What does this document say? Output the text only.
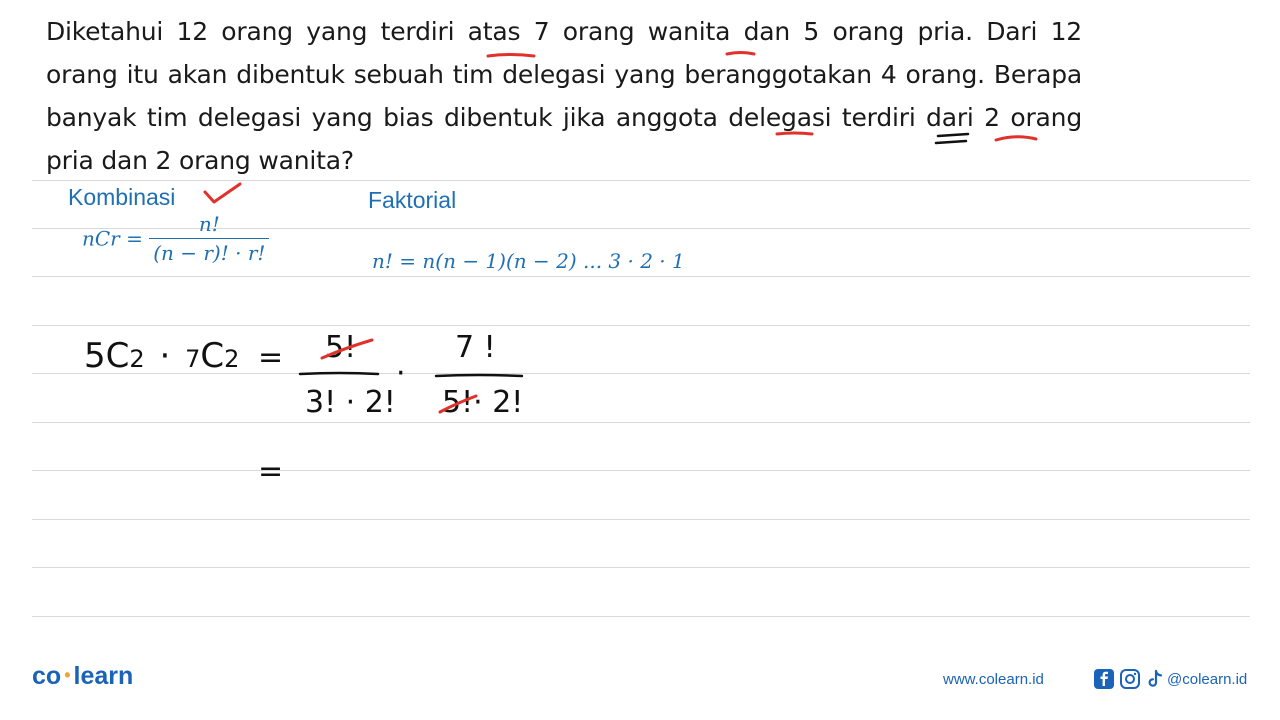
Diketahui 12 orang yang terdiri atas 7 orang wanita dan 5 orang pria. Dari 12 orang itu akan dibentuk sebuah tim delegasi yang beranggotakan 4 orang. Berapa banyak tim delegasi yang bias dibentuk jika anggota delegasi terdiri dari 2 orang pria dan 2 orang wanita?
Kombinasi	Faktorial
nCr = $\frac{n!}{(n - r)! \cdot r!}$	n! = n(n − 1)(n − 2) ... 3 · 2 · 1
5C2 · 7C2 = 5!
3! · 2!
·
7 !
5!· 2!
=
co • learn	www.colearn.id	@colearn.id
